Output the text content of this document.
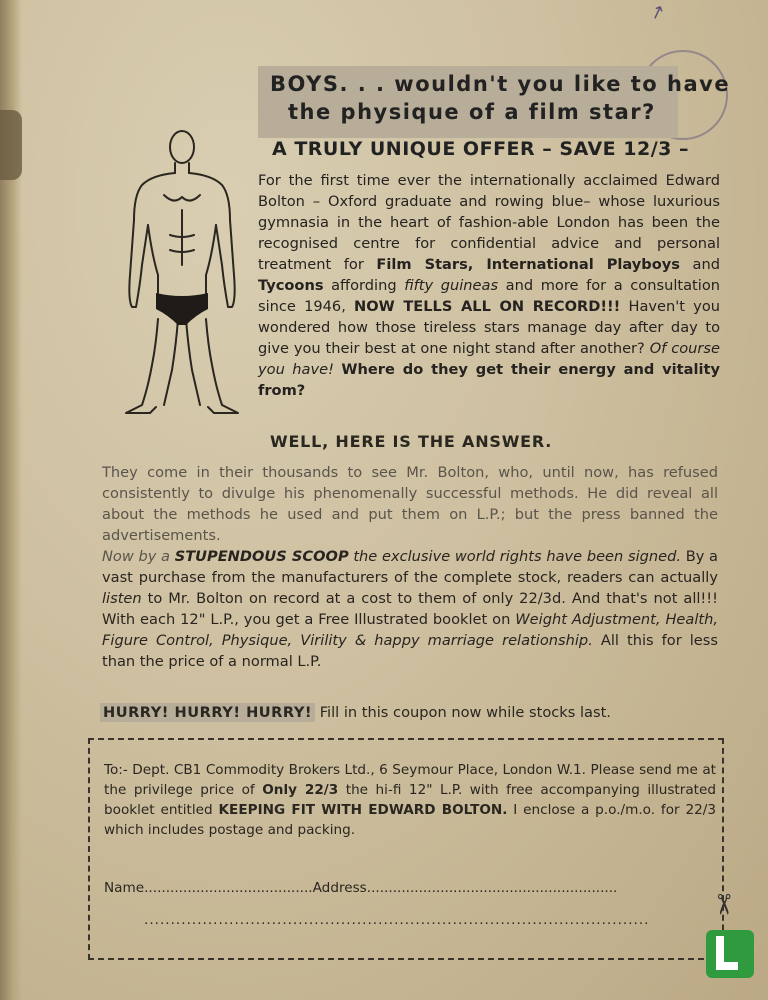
↗
BOYS. . . wouldn't you like to have
the physique of a film star?
A TRULY UNIQUE OFFER – SAVE 12/3 –
For the first time ever the internationally acclaimed Edward Bolton – Oxford graduate and rowing blue– whose luxurious gymnasia in the heart of fashion-able London has been the recognised centre for confidential advice and personal treatment for Film Stars, International Playboys and Tycoons affording fifty guineas and more for a consultation since 1946, NOW TELLS ALL ON RECORD!!! Haven't you wondered how those tireless stars manage day after day to give you their best at one night stand after another? Of course you have! Where do they get their energy and vitality from?
WELL, HERE IS THE ANSWER.
They come in their thousands to see Mr. Bolton, who, until now, has refused consistently to divulge his phenomenally successful methods. He did reveal all about the methods he used and put them on L.P.; but the press banned the advertisements.
Now by a STUPENDOUS SCOOP the exclusive world rights have been signed. By a vast purchase from the manufacturers of the complete stock, readers can actually listen to Mr. Bolton on record at a cost to them of only 22/3d. And that's not all!!! With each 12" L.P., you get a Free Illustrated booklet on Weight Adjustment, Health, Figure Control, Physique, Virility & happy marriage relationship. All this for less than the price of a normal L.P.
HURRY! HURRY! HURRY! Fill in this coupon now while stocks last.
To:- Dept. CB1 Commodity Brokers Ltd., 6 Seymour Place, London W.1. Please send me at the privilege price of Only 22/3 the hi-fi 12" L.P. with free accompanying illustrated booklet entitled KEEPING FIT WITH EDWARD BOLTON. I enclose a p.o./m.o. for 22/3 which includes postage and packing.
Name.......................................Address..........................................................
...............................................................................................
✂
